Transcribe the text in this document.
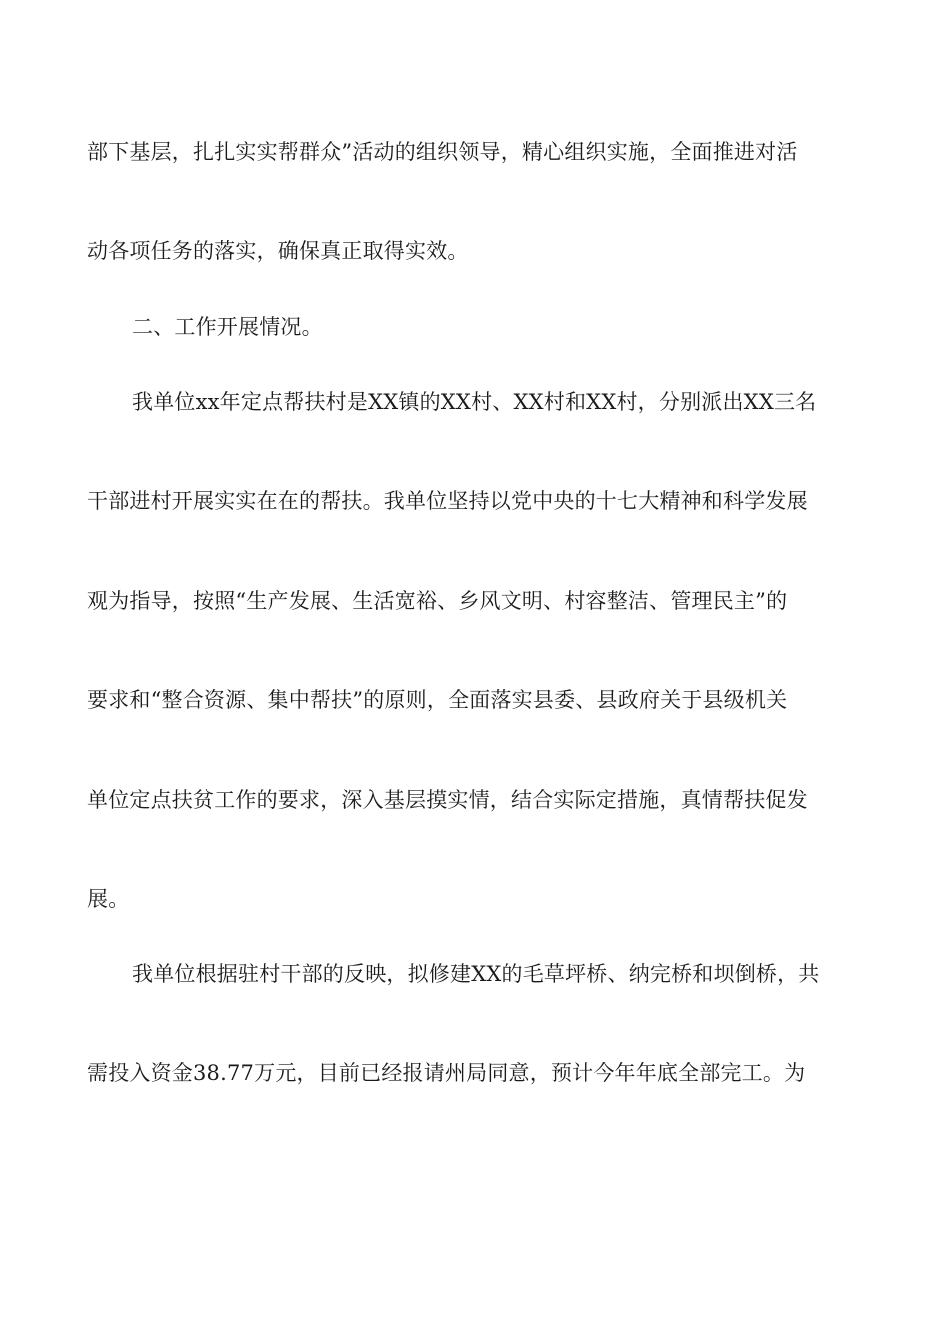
部下基层，扎扎实实帮群众”活动的组织领导，精心组织实施，全面推进对活
动各项任务的落实，确保真正取得实效。
二、工作开展情况。
我单位xx年定点帮扶村是XX镇的XX村、XX村和XX村，分别派出XX三名
干部进村开展实实在在的帮扶。我单位坚持以党中央的十七大精神和科学发展
观为指导，按照“生产发展、生活宽裕、乡风文明、村容整洁、管理民主”的
要求和“整合资源、集中帮扶”的原则，全面落实县委、县政府关于县级机关
单位定点扶贫工作的要求，深入基层摸实情，结合实际定措施，真情帮扶促发
展。
我单位根据驻村干部的反映，拟修建XX的毛草坪桥、纳完桥和坝倒桥，共
需投入资金38.77万元，目前已经报请州局同意，预计今年年底全部完工。为
